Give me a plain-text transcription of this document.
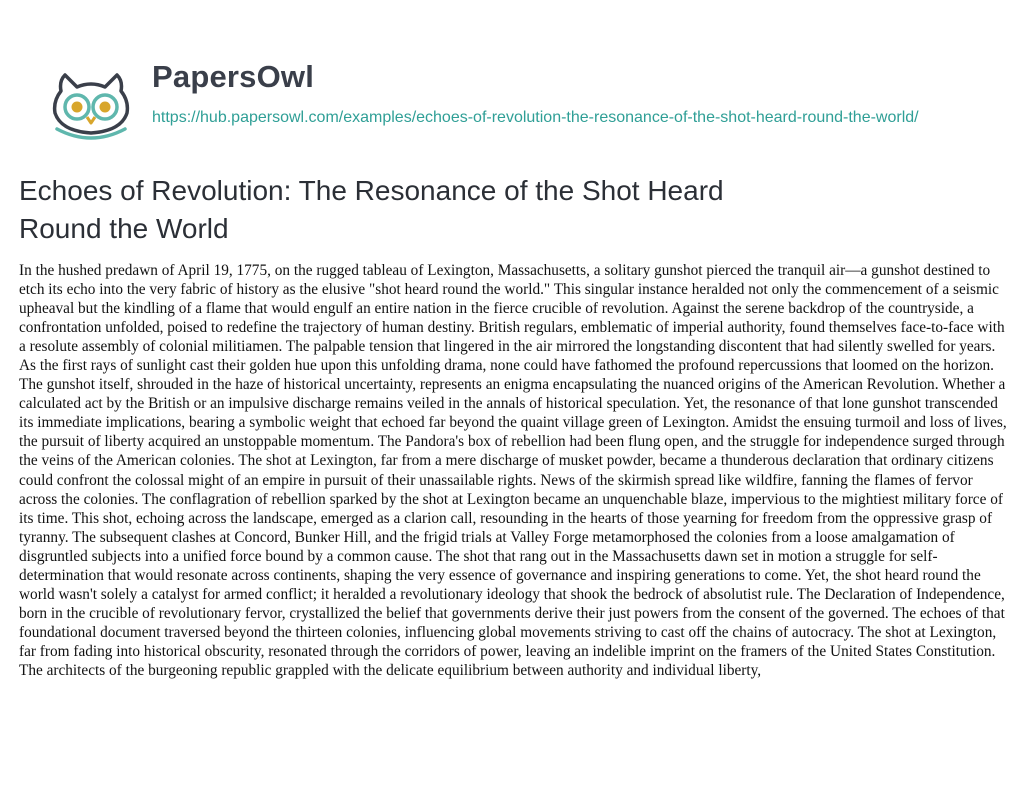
PapersOwl
https://hub.papersowl.com/examples/echoes-of-revolution-the-resonance-of-the-shot-heard-round-the-world/
Echoes of Revolution: The Resonance of the Shot Heard Round the World

In the hushed predawn of April 19, 1775, on the rugged tableau of Lexington, Massachusetts, a solitary gunshot pierced the tranquil air—a gunshot destined to etch its echo into the very fabric of history as the elusive "shot heard round the world." This singular instance heralded not only the commencement of a seismic upheaval but the kindling of a flame that would engulf an entire nation in the fierce crucible of revolution. Against the serene backdrop of the countryside, a confrontation unfolded, poised to redefine the trajectory of human destiny. British regulars, emblematic of imperial authority, found themselves face-to-face with a resolute assembly of colonial militiamen. The palpable tension that lingered in the air mirrored the longstanding discontent that had silently swelled for years. As the first rays of sunlight cast their golden hue upon this unfolding drama, none could have fathomed the profound repercussions that loomed on the horizon. The gunshot itself, shrouded in the haze of historical uncertainty, represents an enigma encapsulating the nuanced origins of the American Revolution. Whether a calculated act by the British or an impulsive discharge remains veiled in the annals of historical speculation. Yet, the resonance of that lone gunshot transcended its immediate implications, bearing a symbolic weight that echoed far beyond the quaint village green of Lexington. Amidst the ensuing turmoil and loss of lives, the pursuit of liberty acquired an unstoppable momentum. The Pandora's box of rebellion had been flung open, and the struggle for independence surged through the veins of the American colonies. The shot at Lexington, far from a mere discharge of musket powder, became a thunderous declaration that ordinary citizens could confront the colossal might of an empire in pursuit of their unassailable rights. News of the skirmish spread like wildfire, fanning the flames of fervor across the colonies. The conflagration of rebellion sparked by the shot at Lexington became an unquenchable blaze, impervious to the mightiest military force of its time. This shot, echoing across the landscape, emerged as a clarion call, resounding in the hearts of those yearning for freedom from the oppressive grasp of tyranny. The subsequent clashes at Concord, Bunker Hill, and the frigid trials at Valley Forge metamorphosed the colonies from a loose amalgamation of disgruntled subjects into a unified force bound by a common cause. The shot that rang out in the Massachusetts dawn set in motion a struggle for self-determination that would resonate across continents, shaping the very essence of governance and inspiring generations to come. Yet, the shot heard round the world wasn't solely a catalyst for armed conflict; it heralded a revolutionary ideology that shook the bedrock of absolutist rule. The Declaration of Independence, born in the crucible of revolutionary fervor, crystallized the belief that governments derive their just powers from the consent of the governed. The echoes of that foundational document traversed beyond the thirteen colonies, influencing global movements striving to cast off the chains of autocracy. The shot at Lexington, far from fading into historical obscurity, resonated through the corridors of power, leaving an indelible imprint on the framers of the United States Constitution. The architects of the burgeoning republic grappled with the delicate equilibrium between authority and individual liberty,
